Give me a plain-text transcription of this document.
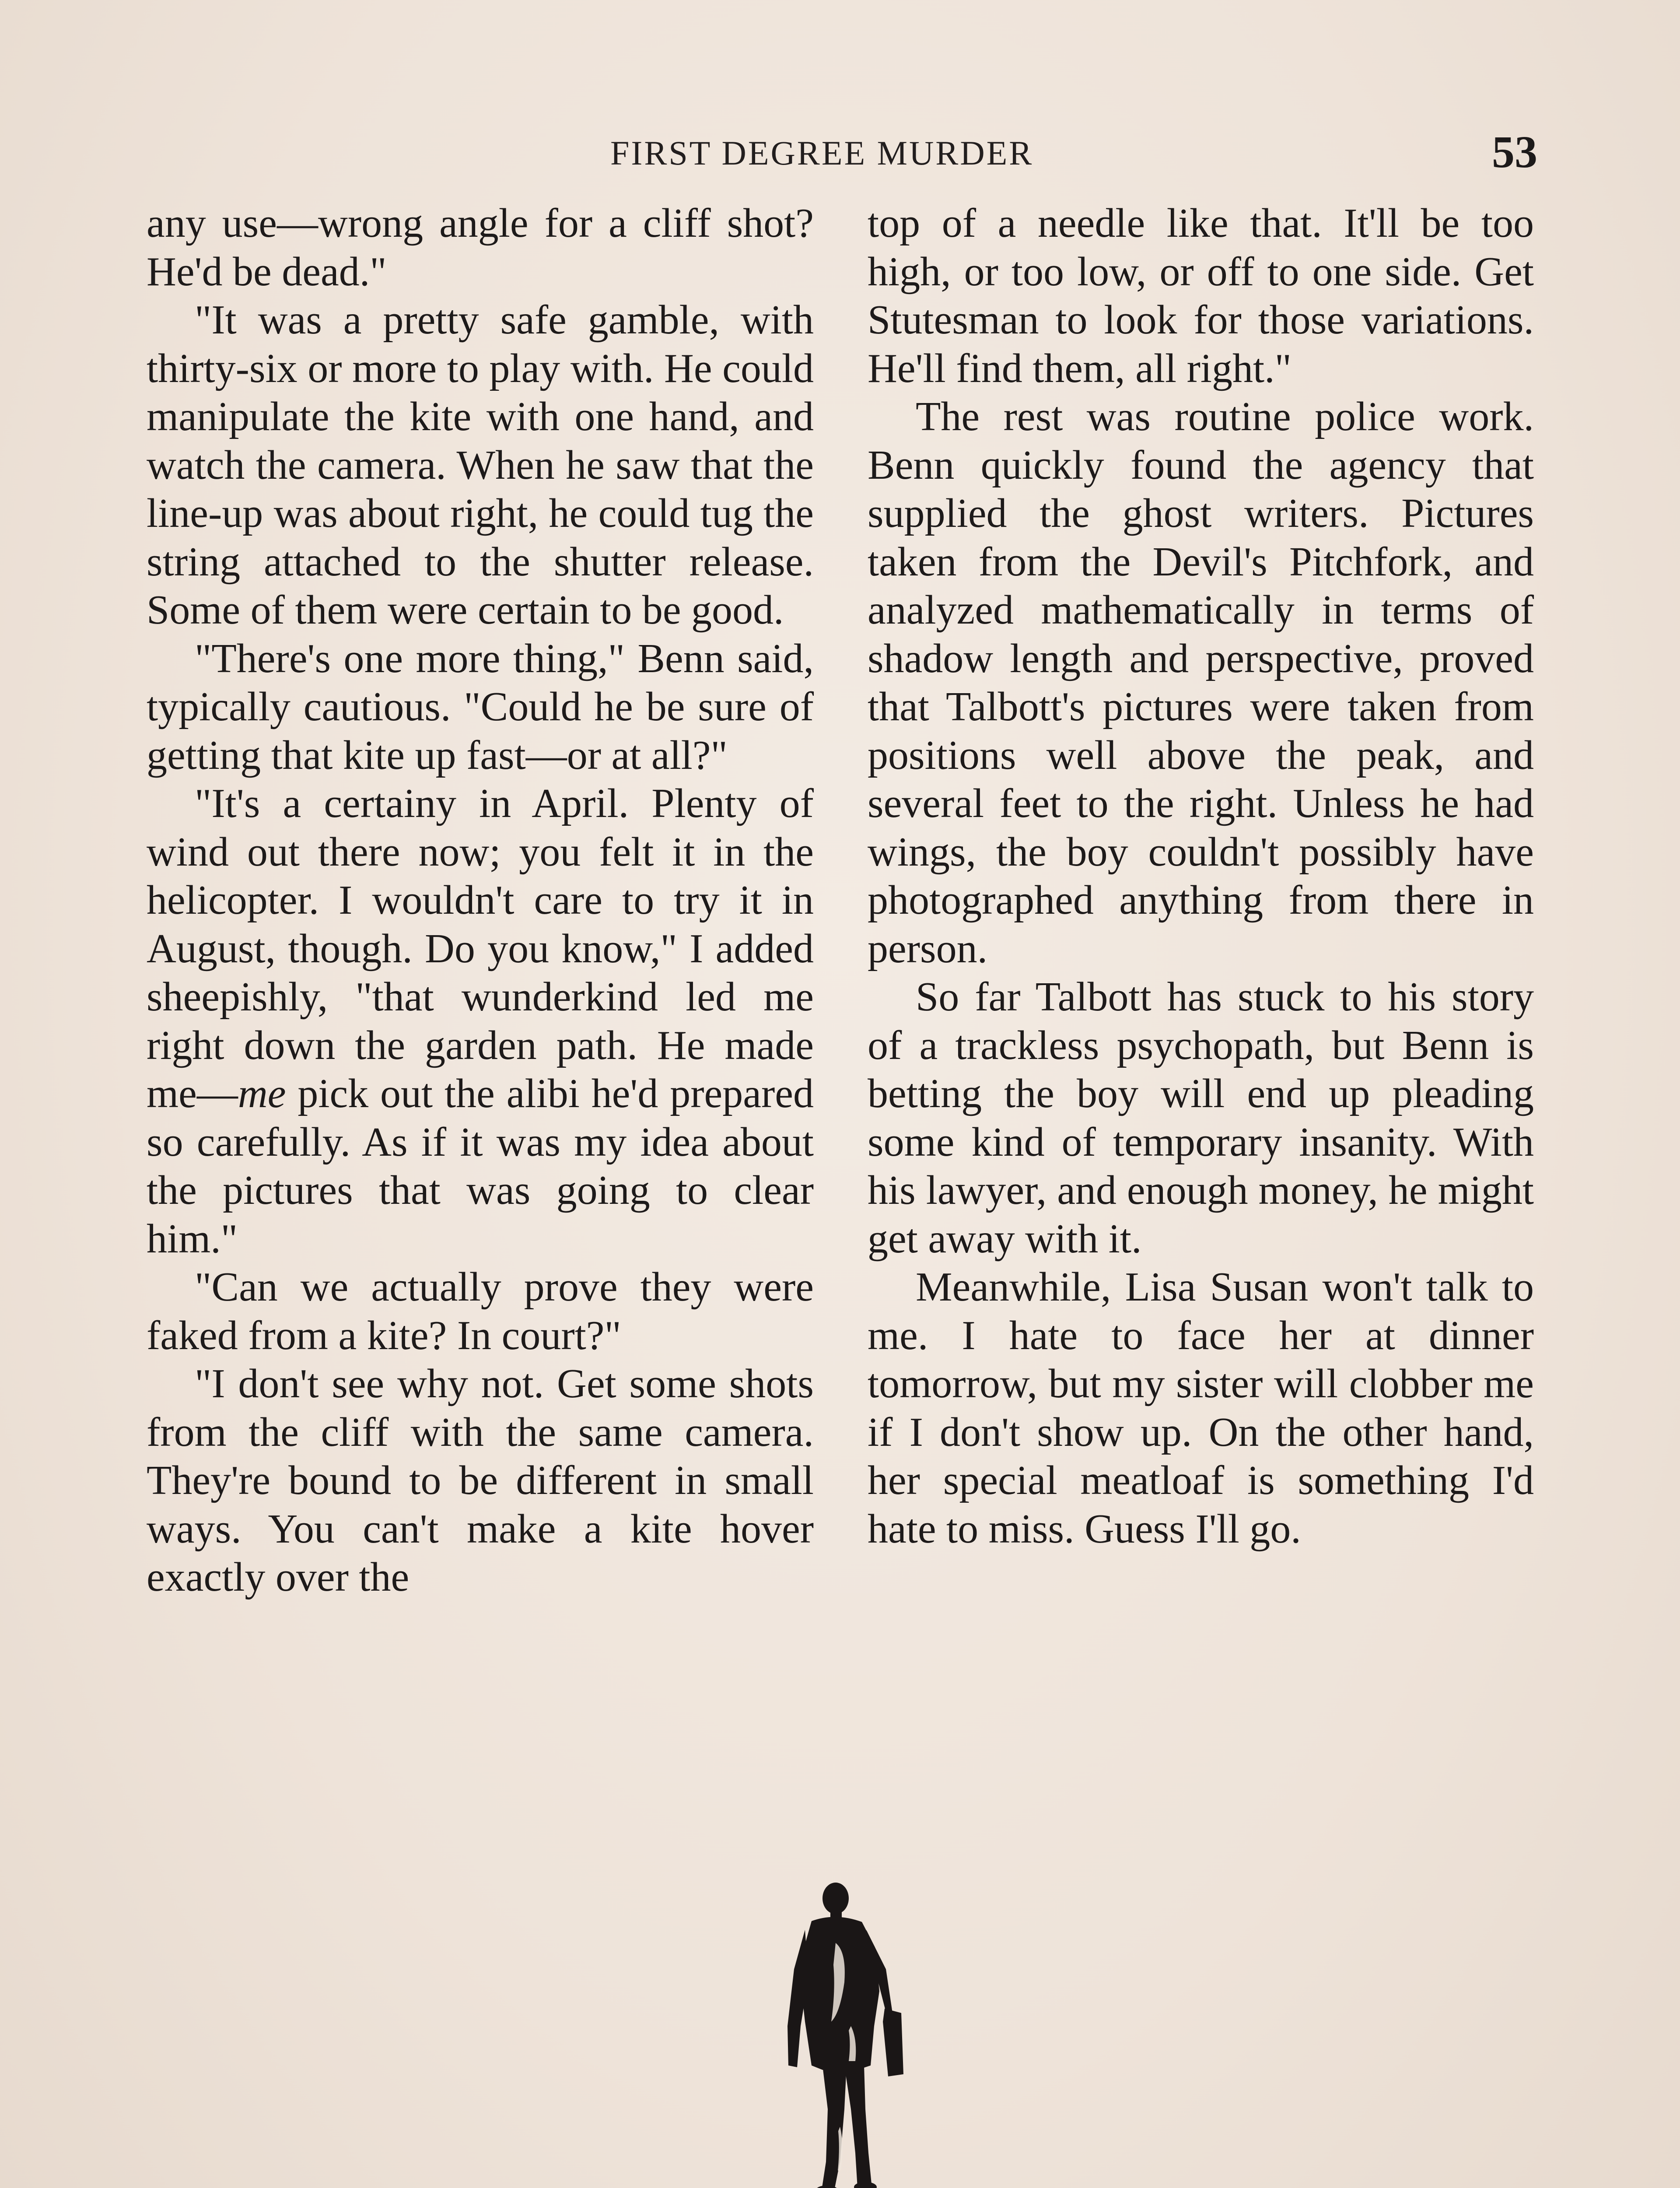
FIRST DEGREE MURDER	53

any use—wrong angle for a cliff shot? He'd be dead."

"It was a pretty safe gamble, with thirty-six or more to play with. He could manipulate the kite with one hand, and watch the camera. When he saw that the line-up was about right, he could tug the string attached to the shutter release. Some of them were certain to be good.

"There's one more thing," Benn said, typically cautious. "Could he be sure of getting that kite up fast—or at all?"

"It's a certainy in April. Plenty of wind out there now; you felt it in the helicopter. I wouldn't care to try it in August, though. Do you know," I added sheepishly, "that wunderkind led me right down the garden path. He made me—me pick out the alibi he'd prepared so carefully. As if it was my idea about the pictures that was going to clear him."

"Can we actually prove they were faked from a kite? In court?"

"I don't see why not. Get some shots from the cliff with the same camera. They're bound to be different in small ways. You can't make a kite hover exactly over the

top of a needle like that. It'll be too high, or too low, or off to one side. Get Stutesman to look for those variations. He'll find them, all right."

The rest was routine police work. Benn quickly found the agency that supplied the ghost writers. Pictures taken from the Devil's Pitchfork, and analyzed mathematically in terms of shadow length and perspective, proved that Talbott's pictures were taken from positions well above the peak, and several feet to the right. Unless he had wings, the boy couldn't possibly have photographed anything from there in person.

So far Talbott has stuck to his story of a trackless psychopath, but Benn is betting the boy will end up pleading some kind of temporary insanity. With his lawyer, and enough money, he might get away with it.

Meanwhile, Lisa Susan won't talk to me. I hate to face her at dinner tomorrow, but my sister will clobber me if I don't show up. On the other hand, her special meatloaf is something I'd hate to miss. Guess I'll go.
